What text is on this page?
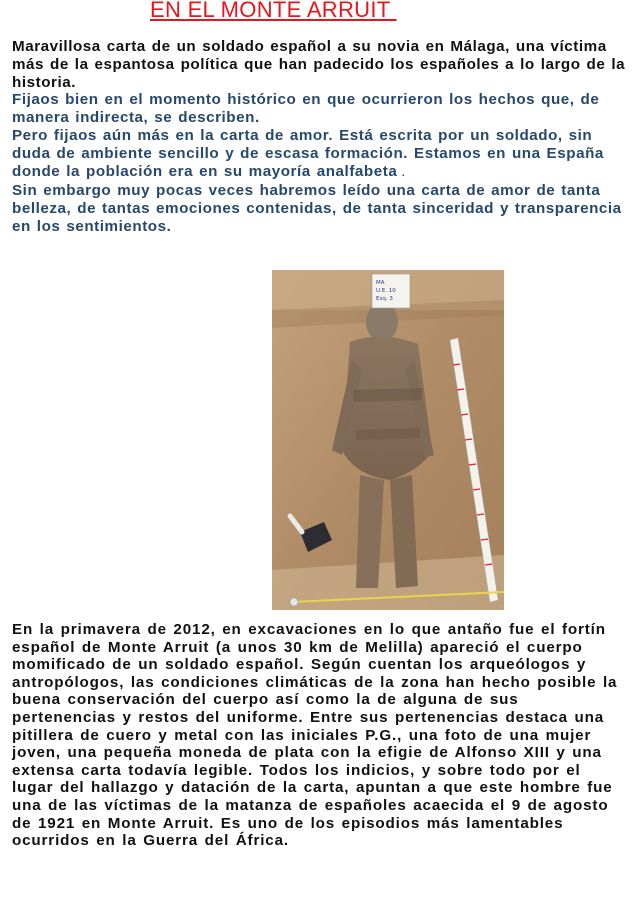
EN EL MONTE ARRUIT

Maravillosa carta de un soldado español a su novia en Málaga, una víctima más de la espantosa política que han padecido los españoles a lo largo de la historia.

Fijaos bien en el momento histórico en que ocurrieron los hechos que, de manera indirecta, se describen.

Pero fijaos aún más en la carta de amor. Está escrita por un soldado, sin duda de ambiente sencillo y de escasa formación. Estamos en una España donde la población era en su mayoría analfabeta .

Sin embargo muy pocas veces habremos leído una carta de amor de tanta belleza, de tantas emociones contenidas, de tanta sinceridad y transparencia en los sentimientos.

MA
U.E. 10
Esq. 3

En la primavera de 2012, en excavaciones en lo que antaño fue el fortín español de Monte Arruit (a unos 30 km de Melilla) apareció el cuerpo momificado de un soldado español. Según cuentan los arqueólogos y antropólogos, las condiciones climáticas de la zona han hecho posible la buena conservación del cuerpo así como la de alguna de sus pertenencias y restos del uniforme. Entre sus pertenencias destaca una pitillera de cuero y metal con las iniciales P.G., una foto de una mujer joven, una pequeña moneda de plata con la efigie de Alfonso XIII y una extensa carta todavía legible. Todos los indicios, y sobre todo por el lugar del hallazgo y datación de la carta, apuntan a que este hombre fue una de las víctimas de la matanza de españoles acaecida el 9 de agosto de 1921 en Monte Arruit. Es uno de los episodios más lamentables ocurridos en la Guerra del África.
